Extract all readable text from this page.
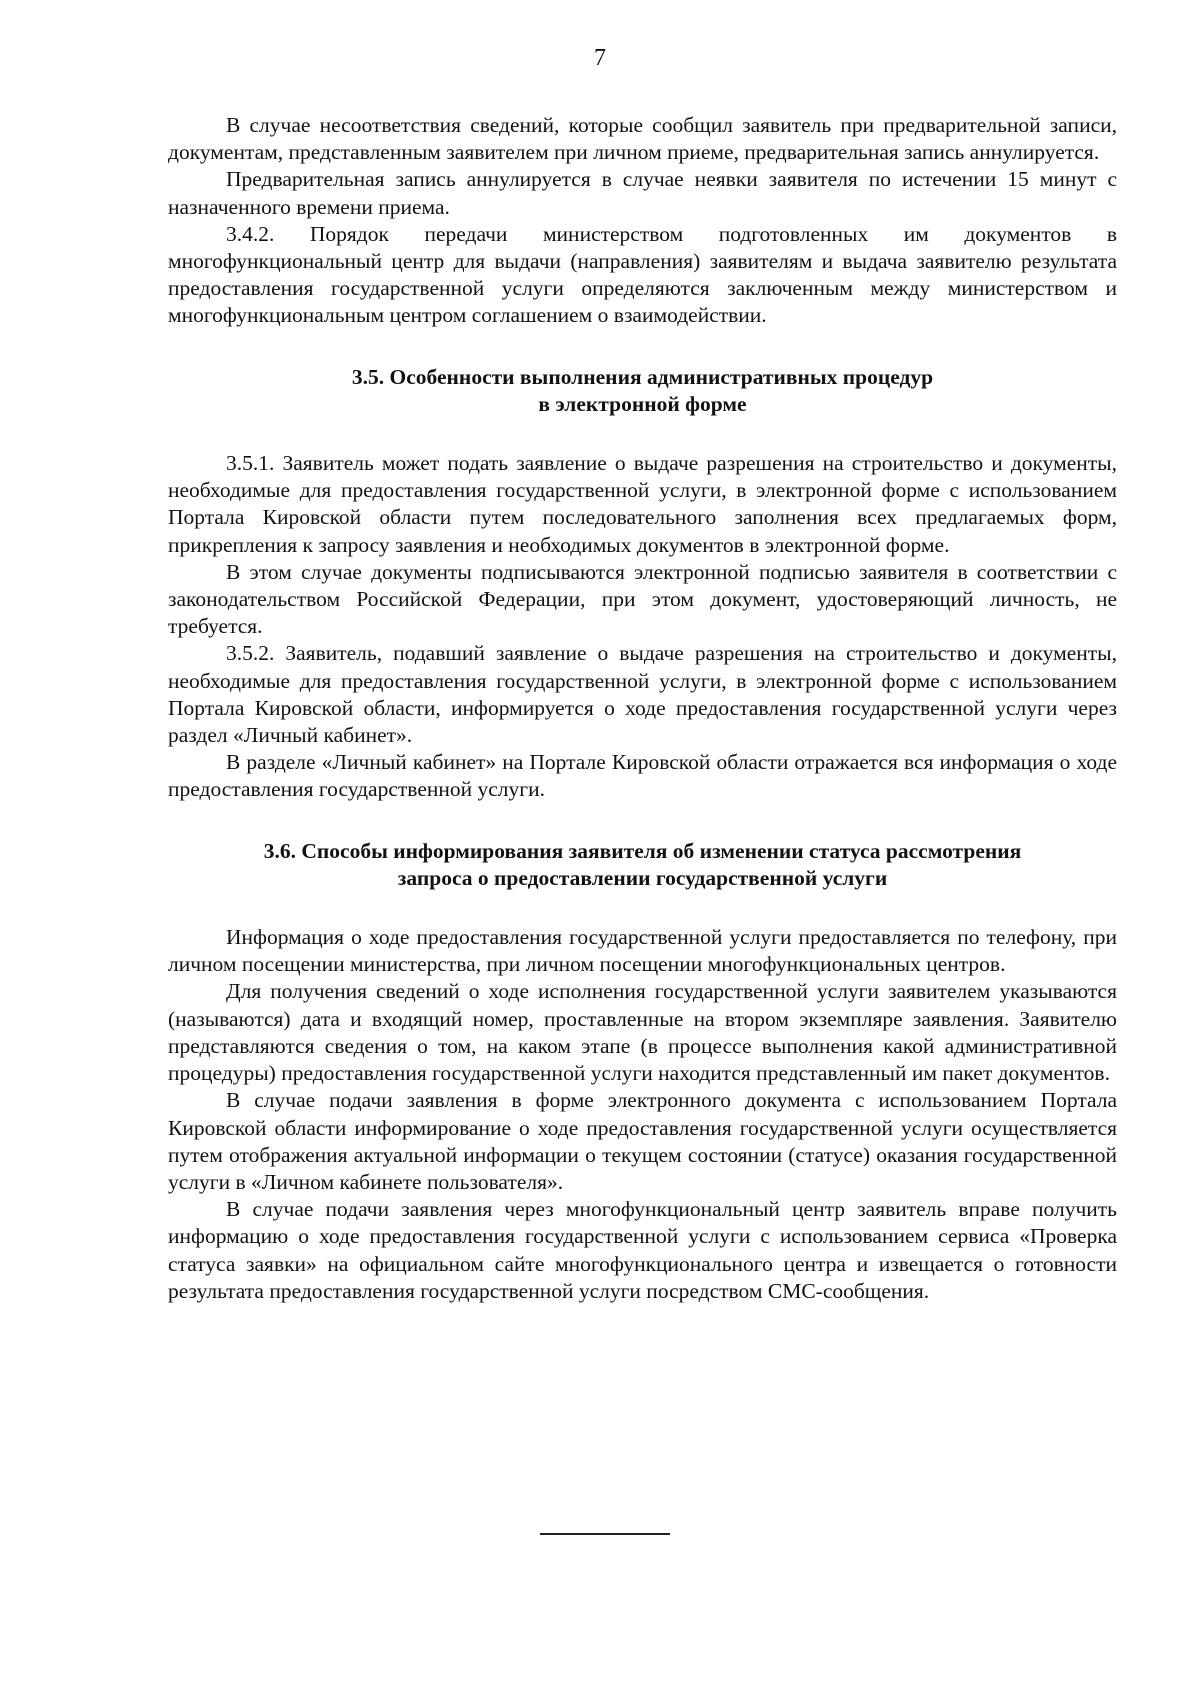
7

В случае несоответствия сведений, которые сообщил заявитель при предварительной записи, документам, представленным заявителем при личном приеме, предварительная запись аннулируется.

Предварительная запись аннулируется в случае неявки заявителя по истечении 15 минут с назначенного времени приема.

3.4.2. Порядок передачи министерством подготовленных им документов в многофункциональный центр для выдачи (направления) заявителям и выдача заявителю результата предоставления государственной услуги определяются заключенным между министерством и многофункциональным центром соглашением о взаимодействии.

3.5. Особенности выполнения административных процедур
в электронной форме

3.5.1. Заявитель может подать заявление о выдаче разрешения на строительство и документы, необходимые для предоставления государственной услуги, в электронной форме с использованием Портала Кировской области путем последовательного заполнения всех предлагаемых форм, прикрепления к запросу заявления и необходимых документов в электронной форме.

В этом случае документы подписываются электронной подписью заявителя в соответствии с законодательством Российской Федерации, при этом документ, удостоверяющий личность, не требуется.

3.5.2. Заявитель, подавший заявление о выдаче разрешения на строительство и документы, необходимые для предоставления государственной услуги, в электронной форме с использованием Портала Кировской области, информируется о ходе предоставления государственной услуги через раздел «Личный кабинет».

В разделе «Личный кабинет» на Портале Кировской области отражается вся информация о ходе предоставления государственной услуги.

3.6. Способы информирования заявителя об изменении статуса рассмотрения
запроса о предоставлении государственной услуги

Информация о ходе предоставления государственной услуги предоставляется по телефону, при личном посещении министерства, при личном посещении многофункциональных центров.

Для получения сведений о ходе исполнения государственной услуги заявителем указываются (называются) дата и входящий номер, проставленные на втором экземпляре заявления. Заявителю представляются сведения о том, на каком этапе (в процессе выполнения какой административной процедуры) предоставления государственной услуги находится представленный им пакет документов.

В случае подачи заявления в форме электронного документа с использованием Портала Кировской области информирование о ходе предоставления государственной услуги осуществляется путем отображения актуальной информации о текущем состоянии (статусе) оказания государственной услуги в «Личном кабинете пользователя».

В случае подачи заявления через многофункциональный центр заявитель вправе получить информацию о ходе предоставления государственной услуги с использованием сервиса «Проверка статуса заявки» на официальном сайте многофункционального центра и извещается о готовности результата предоставления государственной услуги посредством СМС-сообщения.
